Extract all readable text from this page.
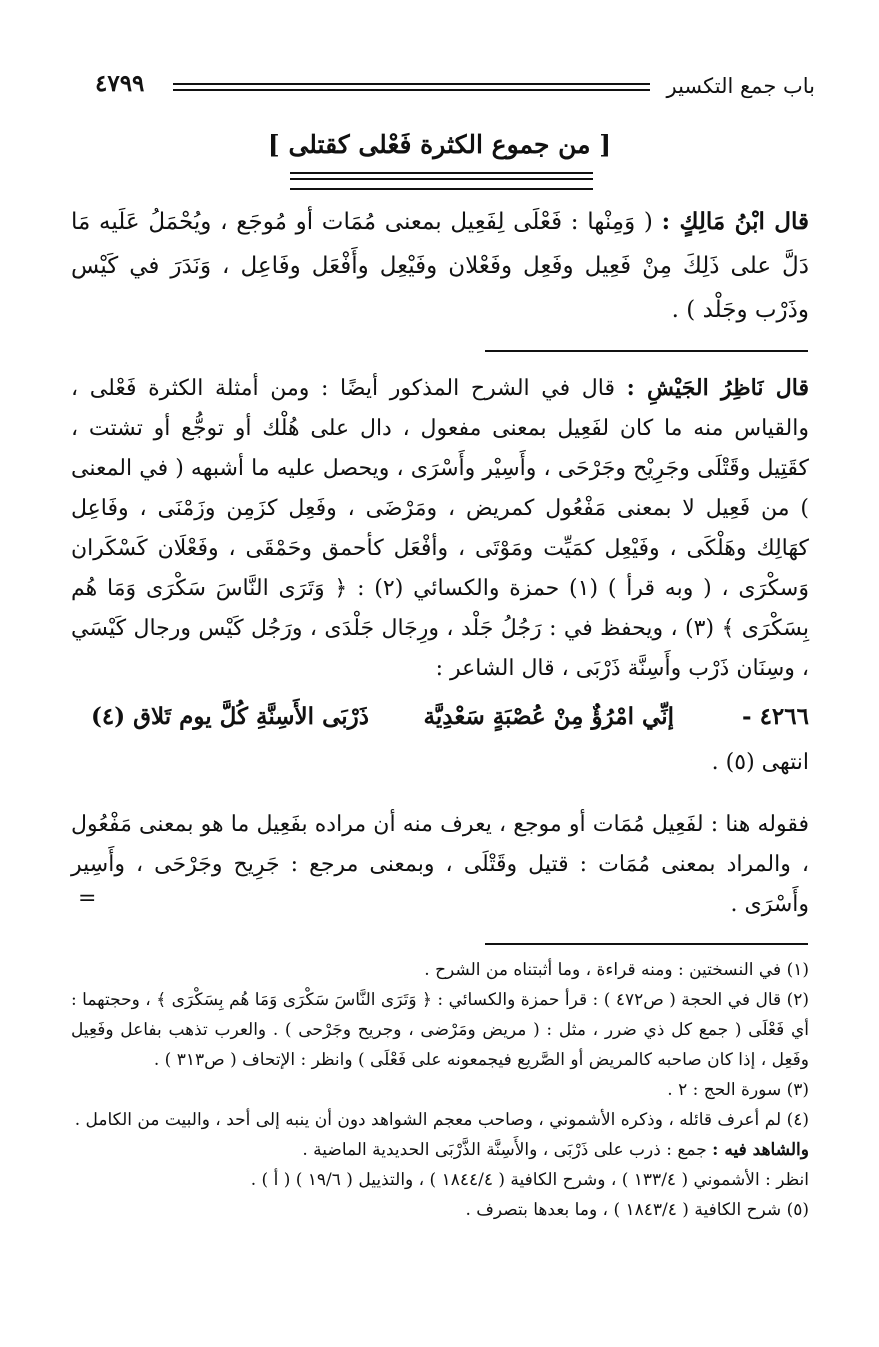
باب جمع التكسير
٤٧٩٩
[ من جموع الكثرة فَعْلى كقتلى ]
قال ابْنُ مَالِكٍ : ( وَمِنْها : فَعْلَى لِفَعِيل بمعنى مُمَات أو مُوجَع ، ويُحْمَلُ عَلَيه مَا دَلَّ على ذَلِكَ مِنْ فَعِيل وفَعِل وفَعْلان وفَيْعِل وأَفْعَل وفَاعِل ، وَنَدَرَ في كَيْس وذَرْب وجَلْد ) .
قال نَاظِرُ الجَيْشِ : قال في الشرح المذكور أيضًا : ومن أمثلة الكثرة فَعْلى ، والقياس منه ما كان لفَعِيل بمعنى مفعول ، دال على هُلْك أو توجُّع أو تشتت ، كقَتِيل وقَتْلَى وجَرِيْح وجَرْحَى ، وأَسِيْر وأَسْرَى ، ويحصل عليه ما أشبهه ( في المعنى ) من فَعِيل لا بمعنى مَفْعُول كمريض ، ومَرْضَى ، وفَعِل كزَمِن وزَمْنَى ، وفَاعِل كهَالِك وهَلْكَى ، وفَيْعِل كمَيِّت ومَوْتَى ، وأفْعَل كأحمق وحَمْقَى ، وفَعْلَان كَسْكَران وَسكْرَى ، ( وبه قرأ ) (١) حمزة والكسائي (٢) : ﴿ وَتَرَى النَّاسَ سَكْرَى وَمَا هُم بِسَكْرَى ﴾ (٣) ، ويحفظ في : رَجُلُ جَلْد ، ورِجَال جَلْدَى ، ورَجُل كَيْس ورجال كَيْسَي ، وسِنَان ذَرْب وأَسِنَّة ذَرْبَى ، قال الشاعر :
٤٢٦٦ -
إنِّي امْرُؤٌ مِنْ عُصْبَةٍ سَعْدِيَّة
ذَرْبَى الأَسِنَّةِ كُلَّ يوم تَلاق (٤)
انتهى (٥) .
فقوله هنا : لفَعِيل مُمَات أو موجع ، يعرف منه أن مراده بفَعِيل ما هو بمعنى مَفْعُول ، والمراد بمعنى مُمَات : قتيل وقَتْلَى ، وبمعنى مرجع : جَرِيح وجَرْحَى ، وأَسِير وأَسْرَى .
=
(١) في النسختين : ومنه قراءة ، وما أثبتناه من الشرح .
(٢) قال في الحجة ( ص٤٧٢ ) : قرأ حمزة والكسائي : ﴿ وَتَرَى النَّاسَ سَكْرَى وَمَا هُم بِسَكْرَى ﴾ ، وحجتهما : أي فَعْلَى ( جمع كل ذي ضرر ، مثل : ( مريض ومَرْضى ، وجريح وجَرْحى ) . والعرب تذهب بفاعل وفَعِيل وفَعِل ، إذا كان صاحبه كالمريض أو الصَّريع فيجمعونه على فَعْلَى ) وانظر : الإتحاف ( ص٣١٣ ) .
(٣) سورة الحج : ٢ .
(٤) لم أعرف قائله ، وذكره الأشموني ، وصاحب معجم الشواهد دون أن ينبه إلى أحد ، والبيت من الكامل .
والشاهد فيه : جمع : ذرب على ذَرْبَى ، والأَسِنَّة الذَّرْبَى الحديدية الماضية .
انظر : الأشموني ( ١٣٣/٤ ) ، وشرح الكافية ( ١٨٤٤/٤ ) ، والتذييل ( ١٩/٦ ) ( أ ) .
(٥) شرح الكافية ( ١٨٤٣/٤ ) ، وما بعدها بتصرف .
